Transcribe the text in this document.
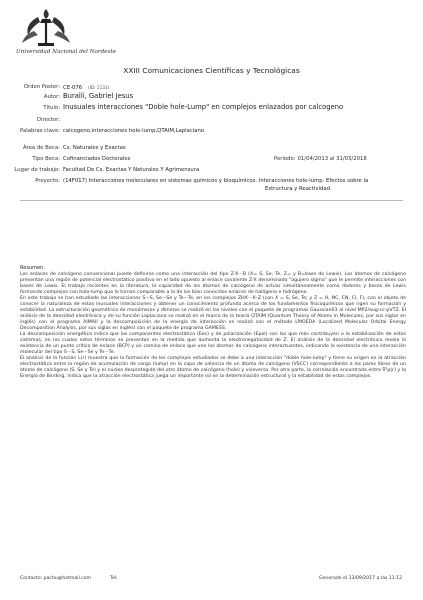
Universidad Nacional del Nordeste
XXIII Comunicaciones Científicas y Tecnológicas
Orden Poster: CE-076 (ID: 1133)
Autor: Buralli, Gabriel Jesus
Título: Inusuales interacciones "Doble hole-Lump" en complejos enlazados por calcogeno
Director:
Palabras clave: calcogeno,interacciones hole-lump,QTAIM,Laplaciano
Área de Beca: Cs. Naturales y Exactas
Tipo Beca: Cofinanciados Doctorales	Período: 01/04/2013 al 31/03/2018
Lugar de trabajo: Facultad De Cs. Exactas Y Naturales Y Agrimensura
Proyecto: (14F017) Interacciones moleculares en sistemas químicos y bioquímicos. Interacciones hole-lump. Efectos sobre la
Estructura y Reactividad.
Resumen:

Los enlaces de calcógeno convencional puede definirse como una interacción del tipo Z-X···B (X= S, Se, Te, Z= y B=base de Lewis). Los átomos de calcógeno presentan una región de potencial electrostático positivo en el lado opuesto al enlace covalente Z-X denominado "agujero sigma" que le permite interacciones con bases de Lewis. El trabajo recientes en la literatura, la capacidad de los átomos de calcógeno de actuar simultáneamente como dadores y bases de Lewis formando complejos con hole-lump que lo tornan comparable a la de los bien conocidos enlaces de halógeno e hidrógeno.

En este trabajo se han estudiado las interacciones S···S, Se···Se y Te···Te, en los complejos ZHX···X–Z (con X = S, Se, Te; y Z = H, NC, CN, Cl, F), con el objeto de conocer la naturaleza de estas inusuales interacciones y obtener un conocimiento profundo acerca de los fundamentos fisicoquímicos que rigen su formación y estabilidad. La estructuración geométrica de monómeros y dímeros se realizó en los niveles con el paquete de programas Gaussian03 al nivel MP2/aug-cc-pVTZ. El análisis de la densidad electrónica y de su función Laplaciana se realizó en el marco de la teoría QTAIM (Quantum Theory of Atoms in Molecules, por sus siglas en inglés) con el programa AIMAll y la descomposición de la energía de interacción se realizó con el método LMOEDA (Localized Molecular Orbital Energy Decomposition Analysis, por sus siglas en inglés) con el paquete de programa GAMESS.

La descomposición energética indica que las componentes electrostática (Ees) y de polarización (Epol) son las que más contribuyen a la estabilización de estos sistemas, en los cuales estos términos se presentan en la medida que aumenta la electronegatividad de Z. El análisis de la densidad electrónica revela la existencia de un punto crítico de enlace (BCP) y un camino de enlace que une los átomos de calcógeno interactuantes, indicando la existencia de una interacción molecular del tipo S···S, Se···Se y Te···Te.

El análisis de la función L(r) muestra que la formación de los complejos estudiados se debe a una interacción "doble hole-lump" y tiene su origen en la atracción electrostática entre la región de acumulación de carga (lump) en la capa de valencia de un átomo de calcógeno (VSCC) correspondiente a los pares libres de un átomo de calcógeno (S, Se y Te) y el núcleo desprotegido del otro átomo de calcógeno (hole) y viceversa. Por otra parte, la correlación encontrada entre ∇²ρ(r) y la Energía de Binding, indica que la atracción electrostática juega un importante rol en la determinación estructural y la estabilidad de estos complejos.

Contacto: pachu@hotmail.com	Tel:	Generado el 13/09/2017 a las 11:12
